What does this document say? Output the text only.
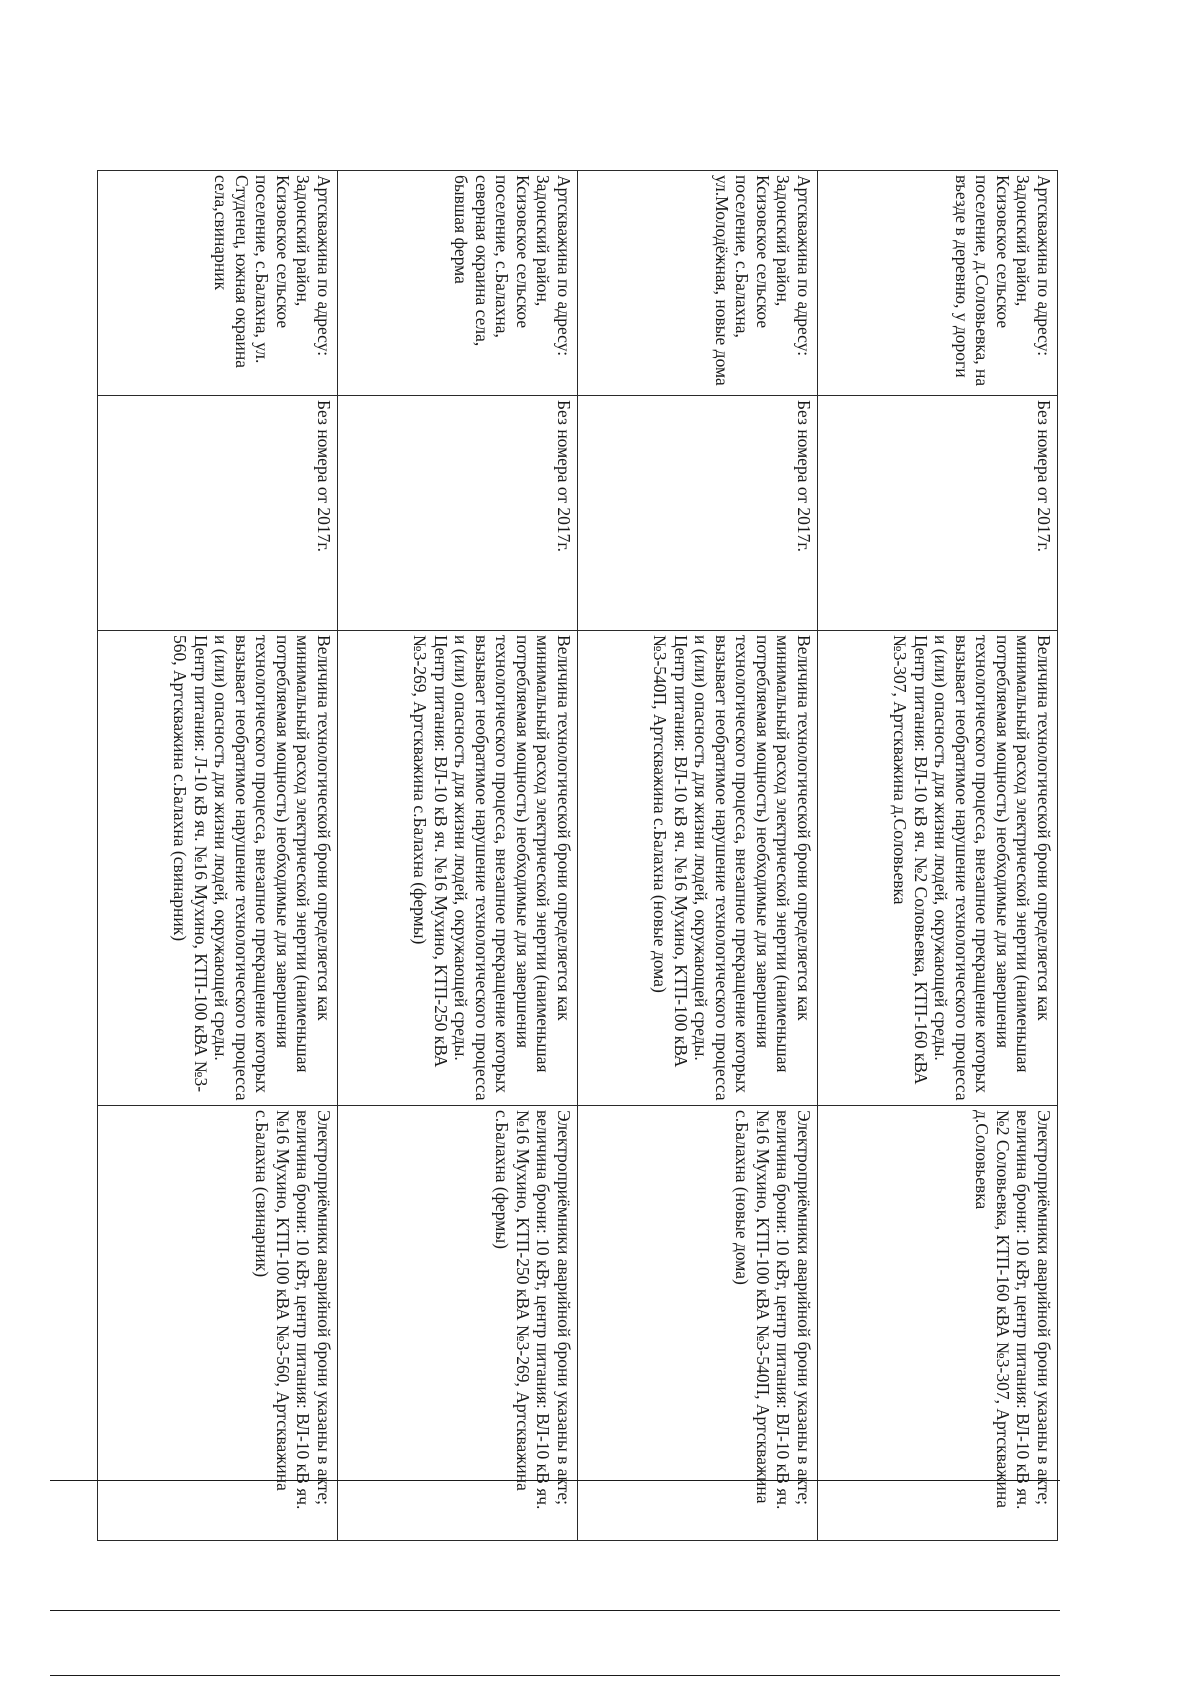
Артскважина по адресу: Задонский район, Ксизовское сельское поселение, д.Соловьевка, на въезде в деревню, у дороги	Без номера от 2017г.	Величина технологической брони определяется как минимальный расход электрической энергии (наименьшая потребляемая мощность) необходимые для завершения технологического процесса, внезапное прекращение которых вызывает необратимое нарушение технологического процесса и (или) опасность для жизни людей, окружающей среды. Центр питания: ВЛ-10 кВ яч. №2 Соловьевка, КТП-160 кВА №3-307, Артскважина д.Соловьевка	Электроприёмники аварийной брони указаны в акте; величина брони: 10 кВт, центр питания: ВЛ-10 кВ яч. №2 Соловьевка, КТП-160 кВА №3-307, Артскважина д.Соловьевка
Артскважина по адресу: Задонский район, Ксизовское сельское поселение, с.Балахна, ул.Молодёжная, новые дома	Без номера от 2017г.	Величина технологической брони определяется как минимальный расход электрической энергии (наименьшая потребляемая мощность) необходимые для завершения технологического процесса, внезапное прекращение которых вызывает необратимое нарушение технологического процесса и (или) опасность для жизни людей, окружающей среды. Центр питания: ВЛ-10 кВ яч. №16 Мухино, КТП-100 кВА №3-540П, Артскважина с.Балахна (новые дома)	Электроприёмники аварийной брони указаны в акте; величина брони: 10 кВт, центр питания: ВЛ-10 кВ яч. №16 Мухино, КТП-100 кВА №3-540П, Артскважина с.Балахна (новые дома)
Артскважина по адресу: Задонский район, Ксизовское сельское поселение, с.Балахна, северная окраина села, бывшая ферма	Без номера от 2017г.	Величина технологической брони определяется как минимальный расход электрической энергии (наименьшая потребляемая мощность) необходимые для завершения технологического процесса, внезапное прекращение которых вызывает необратимое нарушение технологического процесса и (или) опасность для жизни людей, окружающей среды. Центр питания: ВЛ-10 кВ яч. №16 Мухино, КТП-250 кВА №3-269, Артскважина с.Балахна (фермы)	Электроприёмники аварийной брони указаны в акте; величина брони: 10 кВт, центр питания: ВЛ-10 кВ яч. №16 Мухино, КТП-250 кВА №3-269, Артскважина с.Балахна (фермы)
Артскважина по адресу: Задонский район, Ксизовское сельское поселение, с.Балахна, ул. Студенец, южная окраина села,свинарник	Без номера от 2017г.	Величина технологической брони определяется как минимальный расход электрической энергии (наименьшая потребляемая мощность) необходимые для завершения технологического процесса, внезапное прекращение которых вызывает необратимое нарушение технологического процесса и (или) опасность для жизни людей, окружающей среды. Центр питания: Л-10 кВ яч. №16 Мухино, КТП-100 кВА №3-560, Артскважина с.Балахна (свинарник)	Электроприёмники аварийной брони указаны в акте; величина брони: 10 кВт, центр питания: ВЛ-10 кВ яч. №16 Мухино, КТП-100 кВА №3-560, Артскважина с.Балахна (свинарник)
